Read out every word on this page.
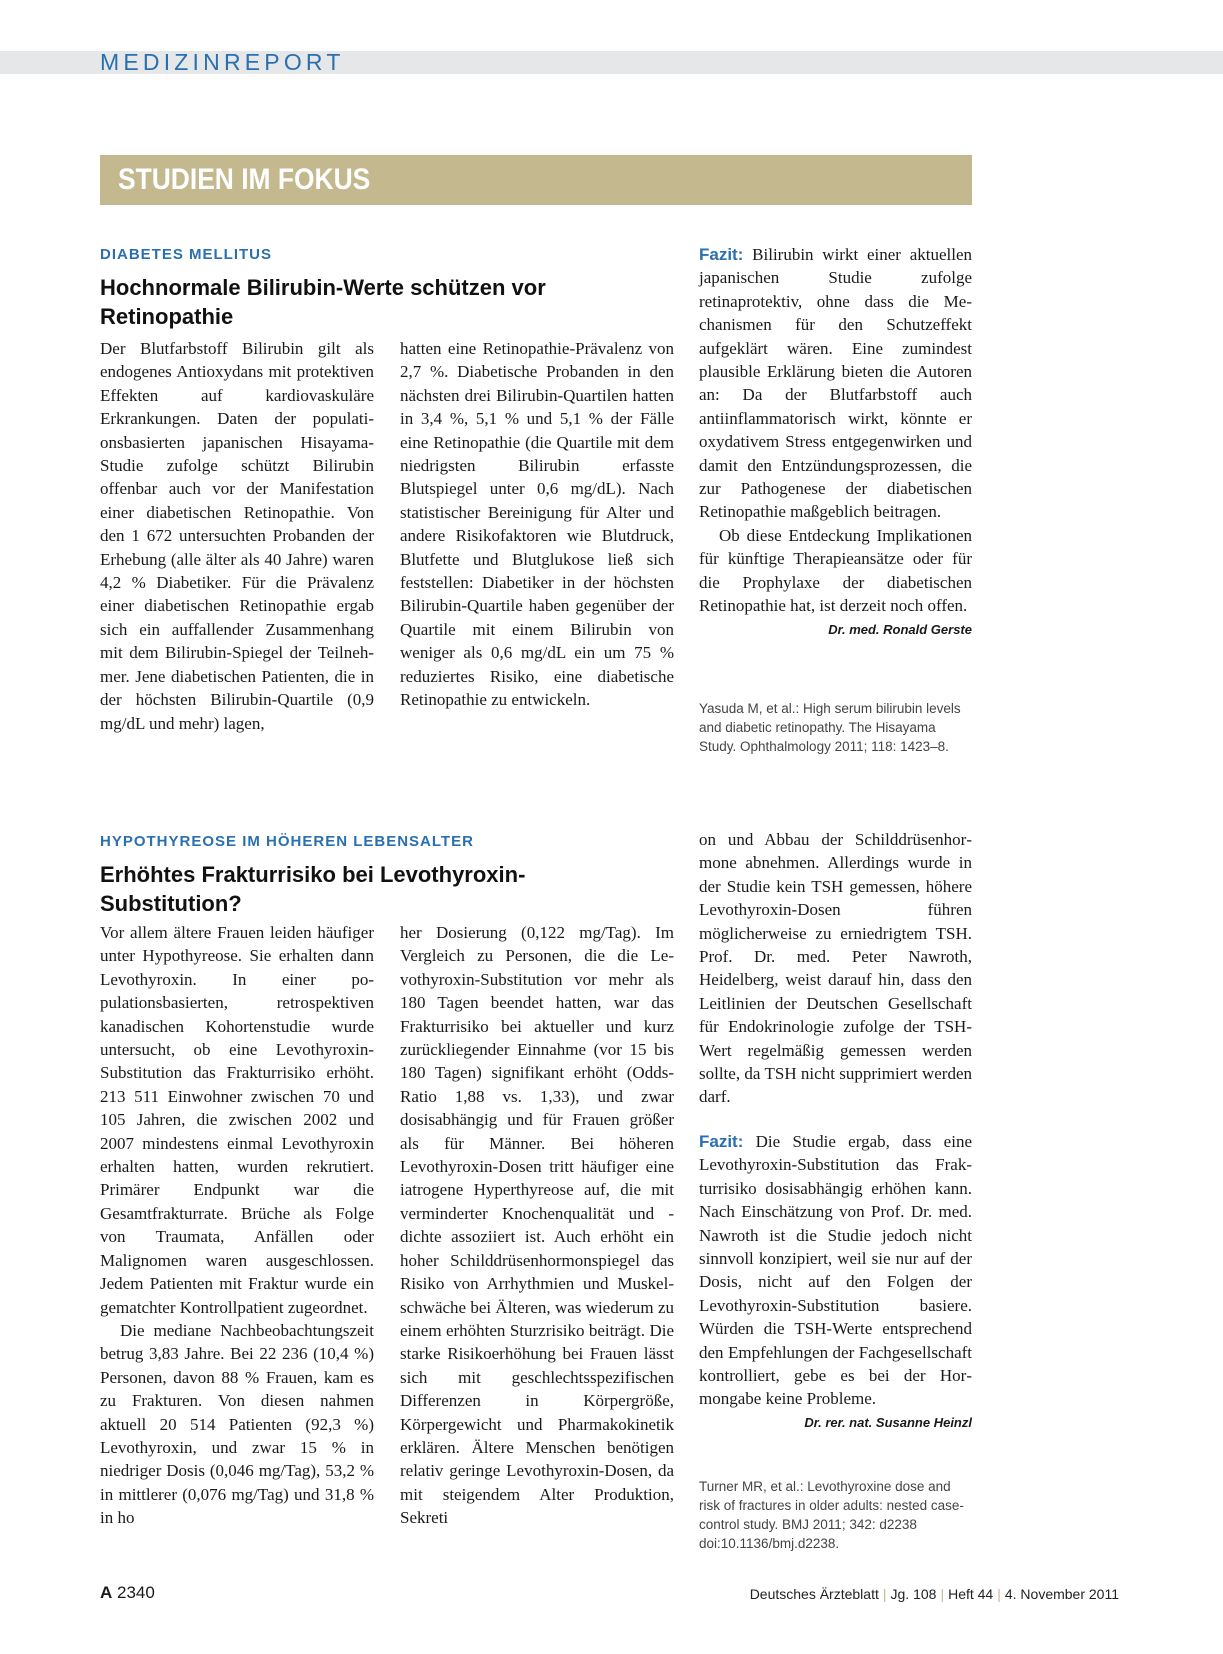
MEDIZINREPORT
STUDIEN IM FOKUS
DIABETES MELLITUS
Hochnormale Bilirubin-Werte schützen vor Retinopathie

Der Blutfarbstoff Bilirubin gilt als endogenes Antioxydans mit protektiven Effekten auf kardiovaskuläre Erkrankungen. Daten der populationsbasierten japanischen Hisayama-Studie zufolge schützt Bilirubin offenbar auch vor der Manifestation einer diabetischen Retinopathie. Von den 1 672 untersuchten Probanden der Erhebung (alle älter als 40 Jahre) waren 4,2 % Diabetiker. Für die Prävalenz einer diabetischen Retinopathie ergab sich ein auffallender Zusammenhang mit dem Bilirubin-Spiegel der Teilnehmer. Jene diabetischen Patienten, die in der höchsten Bilirubin-Quartile (0,9 mg/dL und mehr) lagen,

hatten eine Retinopathie-Prävalenz von 2,7 %. Diabetische Probanden in den nächsten drei Bilirubin-Quartilen hatten in 3,4 %, 5,1 % und 5,1 % der Fälle eine Retinopathie (die Quartile mit dem niedrigsten Bilirubin erfasste Blutspiegel unter 0,6 mg/dL). Nach statistischer Bereinigung für Alter und andere Risikofaktoren wie Blutdruck, Blutfette und Blutglukose ließ sich feststellen: Diabetiker in der höchsten Bilirubin-Quartile haben gegenüber der Quartile mit einem Bilirubin von weniger als 0,6 mg/dL ein um 75 % reduziertes Risiko, eine diabetische Retinopathie zu entwickeln.

Fazit: Bilirubin wirkt einer aktuellen japanischen Studie zufolge retinaprotektiv, ohne dass die Mechanismen für den Schutzeffekt aufgeklärt wären. Eine zumindest plausible Erklärung bieten die Autoren an: Da der Blutfarbstoff auch antiinflammatorisch wirkt, könnte er oxydativem Stress entgegenwirken und damit den Entzündungsprozessen, die zur Pathogenese der diabetischen Retinopathie maßgeblich beitragen.

Ob diese Entdeckung Implikationen für künftige Therapieansätze oder für die Prophylaxe der diabetischen Retinopathie hat, ist derzeit noch offen.
Dr. med. Ronald Gerste

Yasuda M, et al.: High serum bilirubin levels and diabetic retinopathy. The Hisayama Study. Ophthalmology 2011; 118: 1423–8.
HYPOTHYREOSE IM HÖHEREN LEBENSALTER
Erhöhtes Frakturrisiko bei Levothyroxin-Substitution?

Vor allem ältere Frauen leiden häufiger unter Hypothyreose. Sie erhalten dann Levothyroxin. In einer populationsbasierten, retrospektiven kanadischen Kohortenstudie wurde untersucht, ob eine Levothyroxin-Substitution das Frakturrisiko erhöht. 213 511 Einwohner zwischen 70 und 105 Jahren, die zwischen 2002 und 2007 mindestens einmal Levothyroxin erhalten hatten, wurden rekrutiert. Primärer Endpunkt war die Gesamtfrakturrate. Brüche als Folge von Traumata, Anfällen oder Malignomen waren ausgeschlossen. Jedem Patienten mit Fraktur wurde ein gematchter Kontrollpatient zugeordnet.

Die mediane Nachbeobachtungszeit betrug 3,83 Jahre. Bei 22 236 (10,4 %) Personen, davon 88 % Frauen, kam es zu Frakturen. Von diesen nahmen aktuell 20 514 Patienten (92,3 %) Levothyroxin, und zwar 15 % in niedriger Dosis (0,046 mg/Tag), 53,2 % in mittlerer (0,076 mg/Tag) und 31,8 % in ho

her Dosierung (0,122 mg/Tag). Im Vergleich zu Personen, die die Levothyroxin-Substitution vor mehr als 180 Tagen beendet hatten, war das Frakturrisiko bei aktueller und kurz zurückliegender Einnahme (vor 15 bis 180 Tagen) signifikant erhöht (Odds-Ratio 1,88 vs. 1,33), und zwar dosisabhängig und für Frauen größer als für Männer. Bei höheren Levothyroxin-Dosen tritt häufiger eine iatrogene Hyperthyreose auf, die mit verminderter Knochenqualität und -dichte assoziiert ist. Auch erhöht ein hoher Schilddrüsenhormonspiegel das Risiko von Arrhythmien und Muskelschwäche bei Älteren, was wiederum zu einem erhöhten Sturzrisiko beiträgt. Die starke Risikoerhöhung bei Frauen lässt sich mit geschlechtsspezifischen Differenzen in Körpergröße, Körpergewicht und Pharmakokinetik erklären. Ältere Menschen benötigen relativ geringe Levothyroxin-Dosen, da mit steigendem Alter Produktion, Sekreti

on und Abbau der Schilddrüsenhormone abnehmen. Allerdings wurde in der Studie kein TSH gemessen, höhere Levothyroxin-Dosen führen möglicherweise zu erniedrigtem TSH. Prof. Dr. med. Peter Nawroth, Heidelberg, weist darauf hin, dass den Leitlinien der Deutschen Gesellschaft für Endokrinologie zufolge der TSH-Wert regelmäßig gemessen werden sollte, da TSH nicht supprimiert werden darf.

Fazit: Die Studie ergab, dass eine Levothyroxin-Substitution das Frakturrisiko dosisabhängig erhöhen kann. Nach Einschätzung von Prof. Dr. med. Nawroth ist die Studie jedoch nicht sinnvoll konzipiert, weil sie nur auf der Dosis, nicht auf den Folgen der Levothyroxin-Substitution basiere. Würden die TSH-Werte entsprechend den Empfehlungen der Fachgesellschaft kontrolliert, gebe es bei der Hormongabe keine Probleme.

Dr. rer. nat. Susanne Heinzl
Turner MR, et al.: Levothyroxine dose and risk of fractures in older adults: nested case-control study. BMJ 2011; 342: d2238 doi:10.1136/bmj.d2238.
A 2340	Deutsches Ärzteblatt | Jg. 108 | Heft 44 | 4. November 2011
